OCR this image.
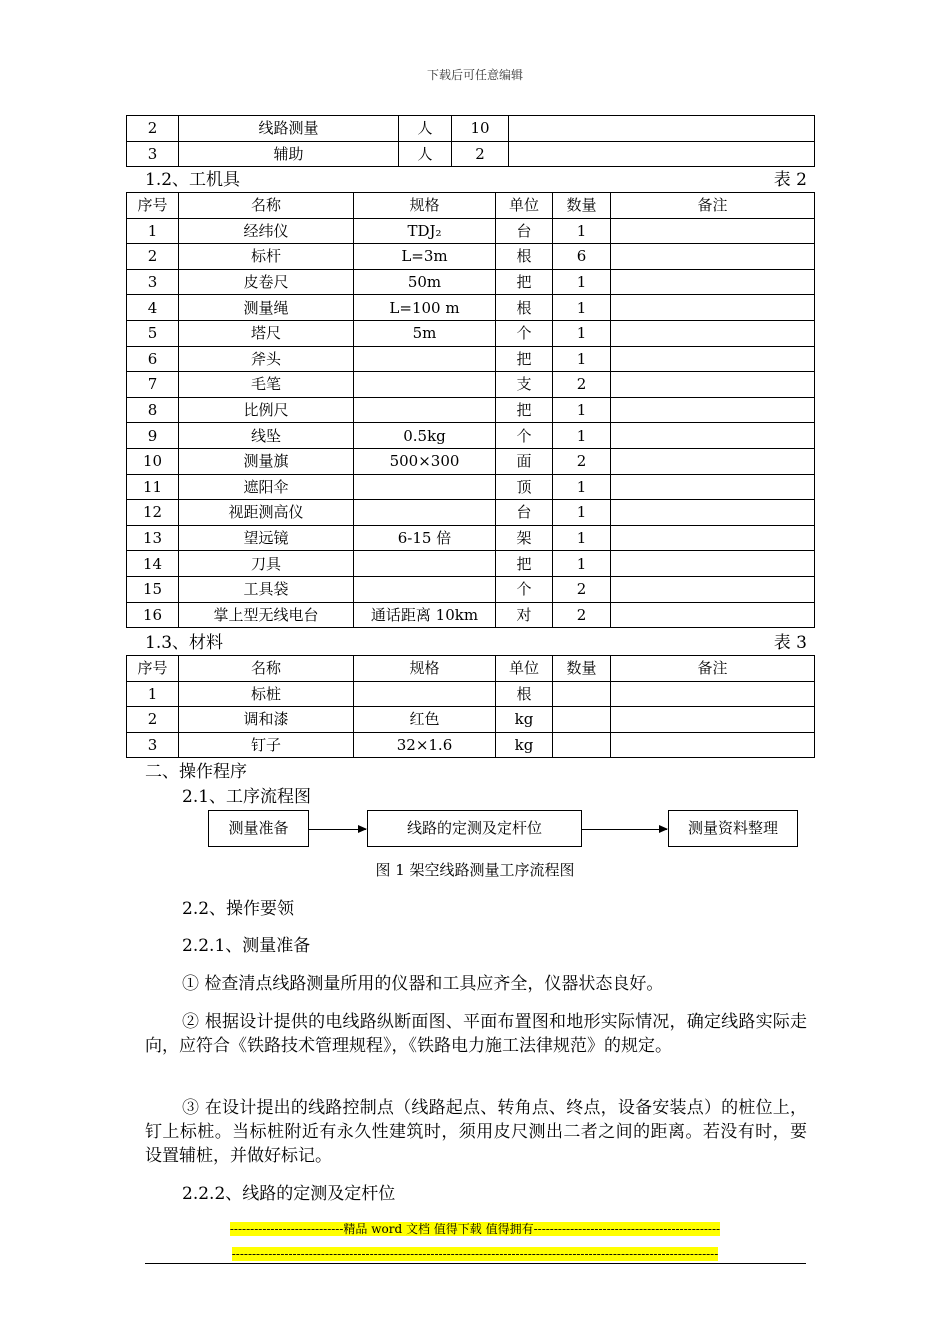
下载后可任意编辑
2	线路测量	人	10	
3	辅助	人	2	
1.2、工机具	表 2
序号	名称	规格	单位	数量	备注
1	经纬仪	TDJ₂	台	1	
2	标杆	L=3m	根	6	
3	皮卷尺	50m	把	1	
4	测量绳	L=100 m	根	1	
5	塔尺	5m	个	1	
6	斧头		把	1	
7	毛笔		支	2	
8	比例尺		把	1	
9	线坠	0.5kg	个	1	
10	测量旗	500×300	面	2	
11	遮阳伞		顶	1	
12	视距测高仪		台	1	
13	望远镜	6-15 倍	架	1	
14	刀具		把	1	
15	工具袋		个	2	
16	掌上型无线电台	通话距离 10km	对	2	
1.3、材料	表 3
序号	名称	规格	单位	数量	备注
1	标桩		根		
2	调和漆	红色	kg		
3	钉子	32×1.6	kg		
二、操作程序
2.1、工序流程图
测量准备	线路的定测及定杆位	测量资料整理
图 1 架空线路测量工序流程图
2.2、操作要领
2.2.1、测量准备
① 检查清点线路测量所用的仪器和工具应齐全，仪器状态良好。
② 根据设计提供的电线路纵断面图、平面布置图和地形实际情况，确定线路实际走向，应符合《铁路技术管理规程》，《铁路电力施工法律规范》的规定。
③ 在设计提出的线路控制点（线路起点、转角点、终点，设备安装点）的桩位上，钉上标桩。当标桩附近有永久性建筑时，须用皮尺测出二者之间的距离。若没有时，要设置辅桩，并做好标记。
2.2.2、线路的定测及定杆位
----------------------------精品 word 文档 值得下载 值得拥有----------------------------------------------
------------------------------------------------------------------------------------------------------------------------
